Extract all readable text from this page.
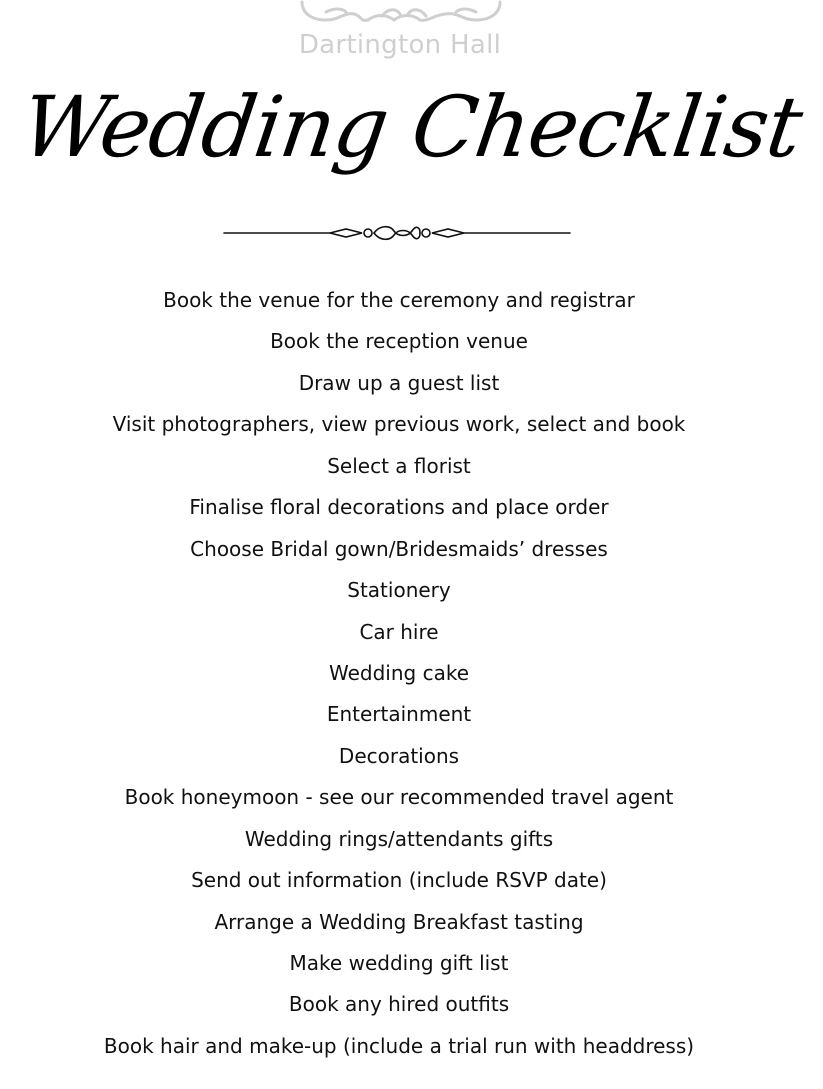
Dartington Hall
Wedding Checklist
Book the venue for the ceremony and registrar
Book the reception venue
Draw up a guest list
Visit photographers, view previous work, select and book
Select a florist
Finalise floral decorations and place order
Choose Bridal gown/Bridesmaids’ dresses
Stationery
Car hire
Wedding cake
Entertainment
Decorations
Book honeymoon - see our recommended travel agent
Wedding rings/attendants gifts
Send out information (include RSVP date)
Arrange a Wedding Breakfast tasting
Make wedding gift list
Book any hired outfits
Book hair and make-up (include a trial run with headdress)
